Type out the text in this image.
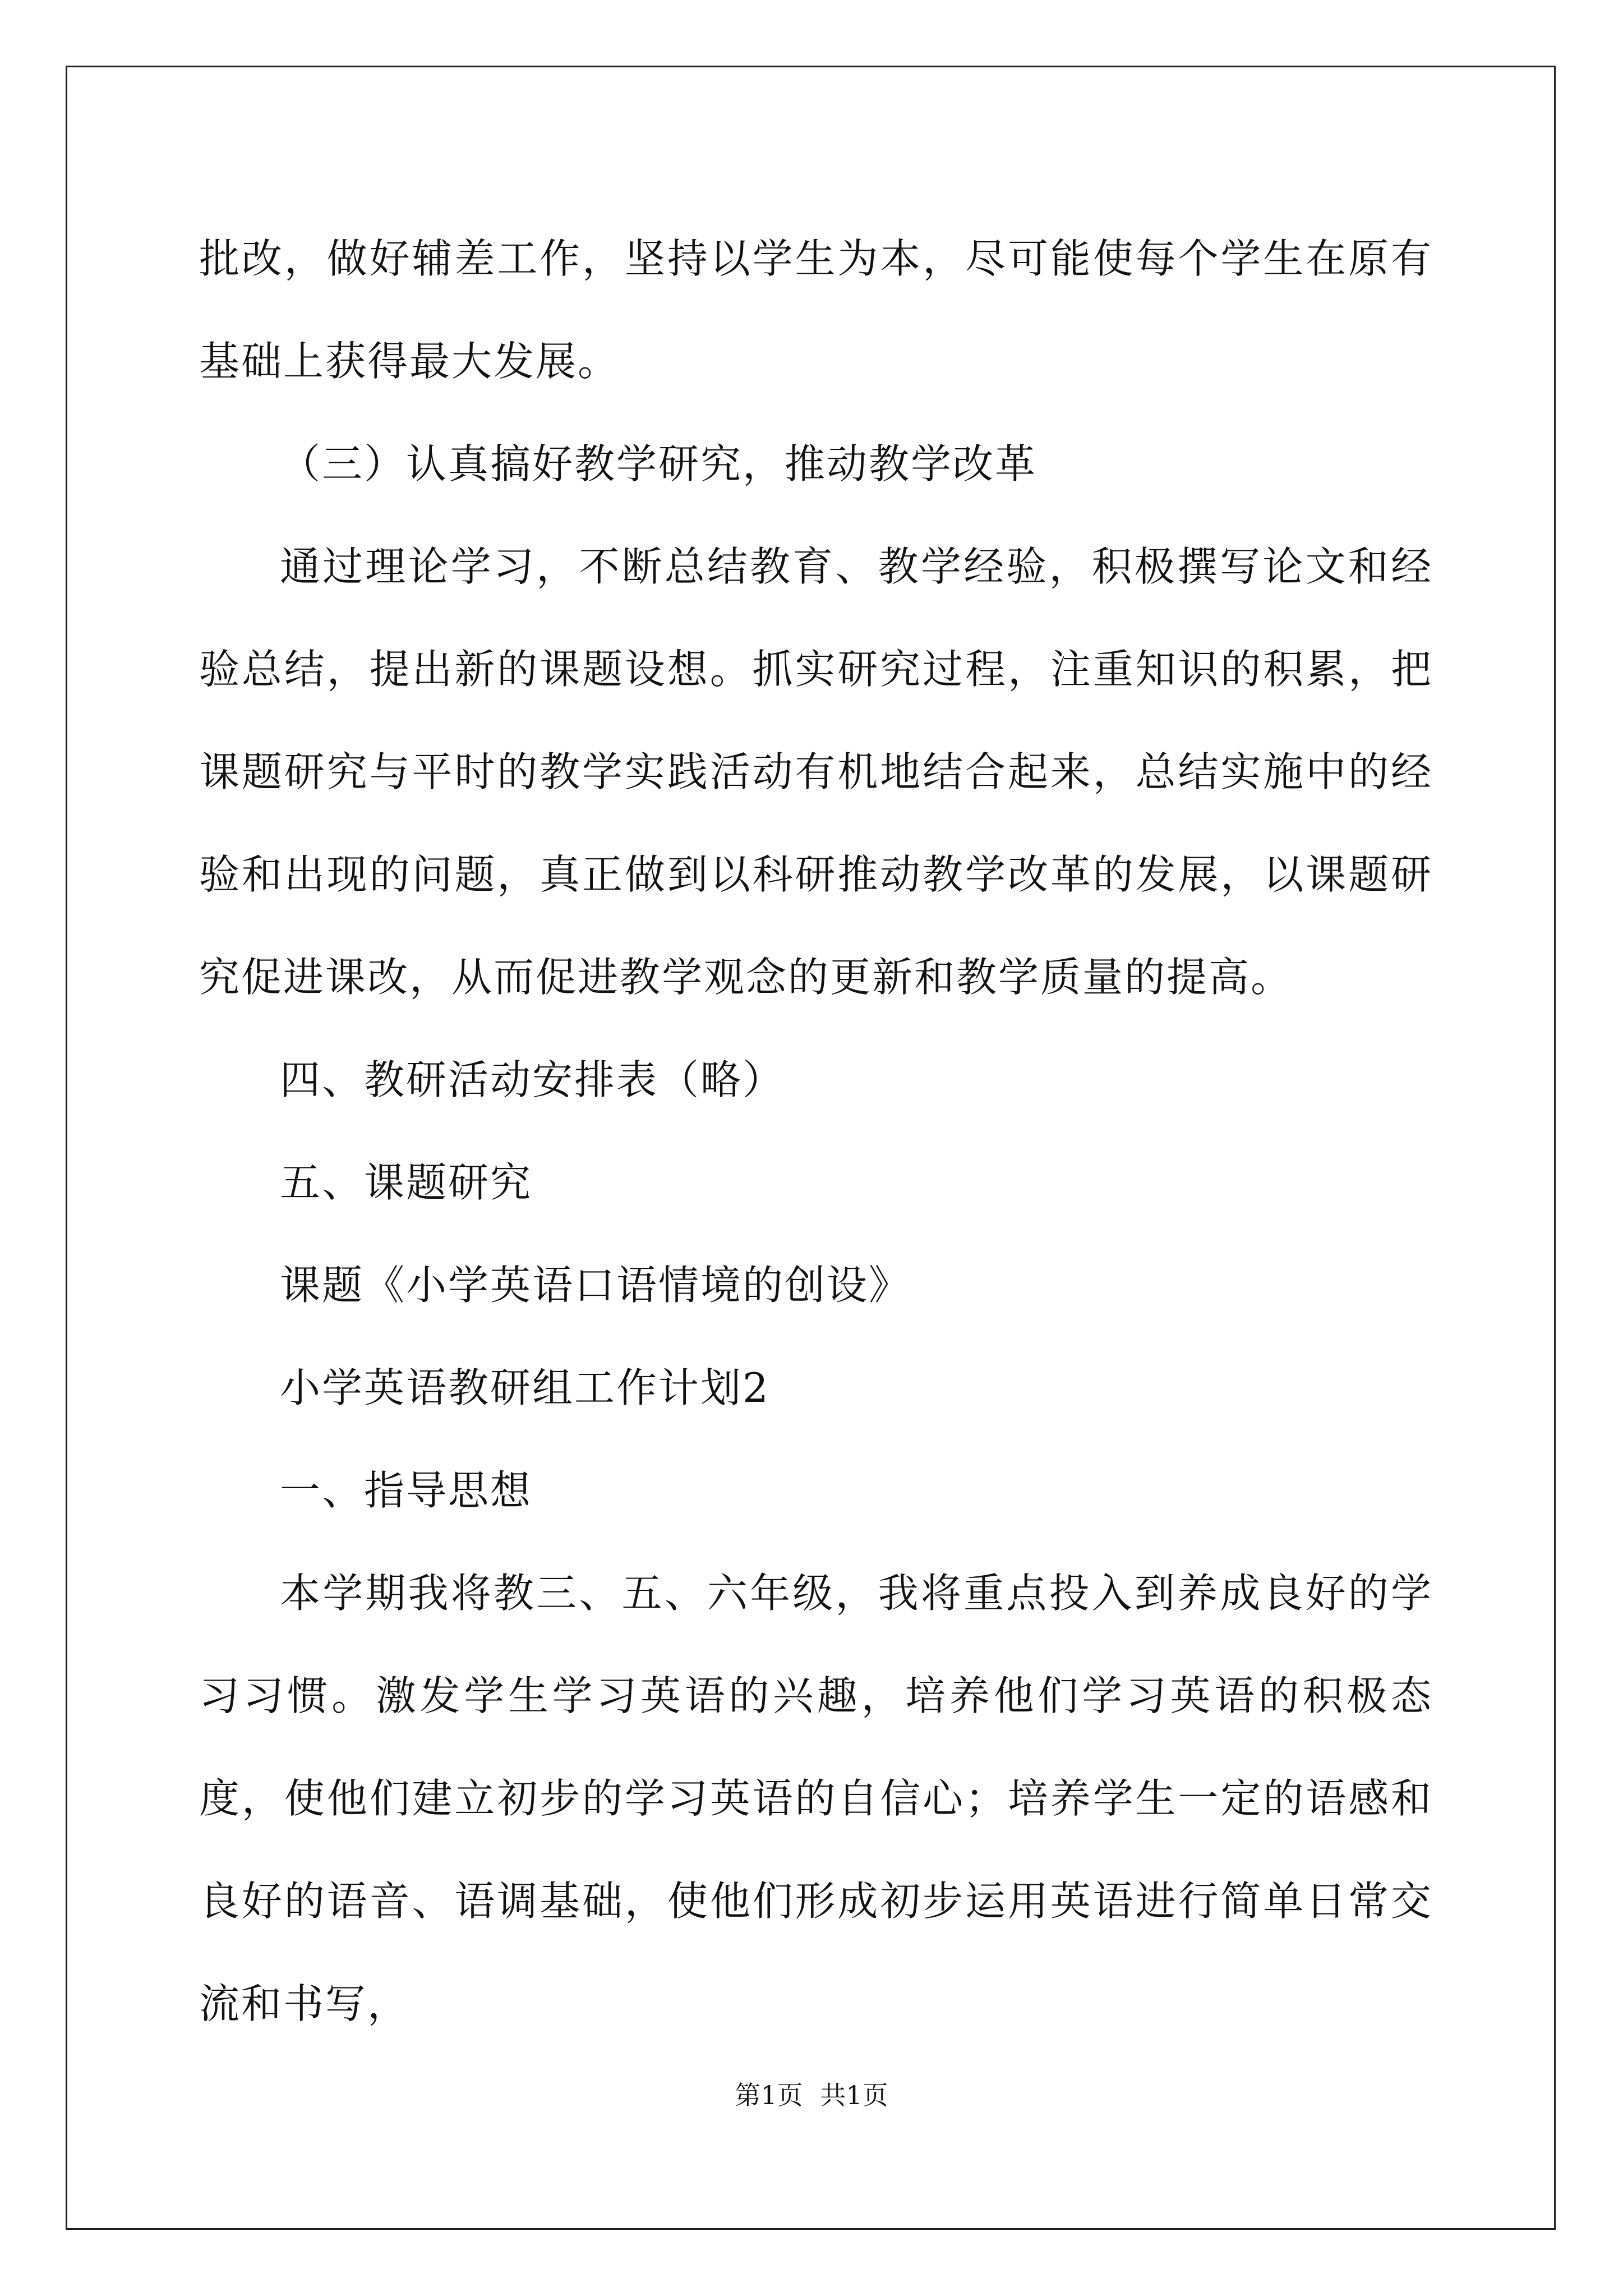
批改，做好辅差工作，坚持以学生为本，尽可能使每个学生在原有基础上获得最大发展。

（三）认真搞好教学研究，推动教学改革

通过理论学习，不断总结教育、教学经验，积极撰写论文和经验总结，提出新的课题设想。抓实研究过程，注重知识的积累，把课题研究与平时的教学实践活动有机地结合起来，总结实施中的经验和出现的问题，真正做到以科研推动教学改革的发展，以课题研究促进课改，从而促进教学观念的更新和教学质量的提高。

四、教研活动安排表（略）

五、课题研究

课题《小学英语口语情境的创设》

小学英语教研组工作计划2

一、指导思想

本学期我将教三、五、六年级，我将重点投入到养成良好的学习习惯。激发学生学习英语的兴趣，培养他们学习英语的积极态度，使他们建立初步的学习英语的自信心；培养学生一定的语感和良好的语音、语调基础，使他们形成初步运用英语进行简单日常交流和书写，

第1页 共1页
